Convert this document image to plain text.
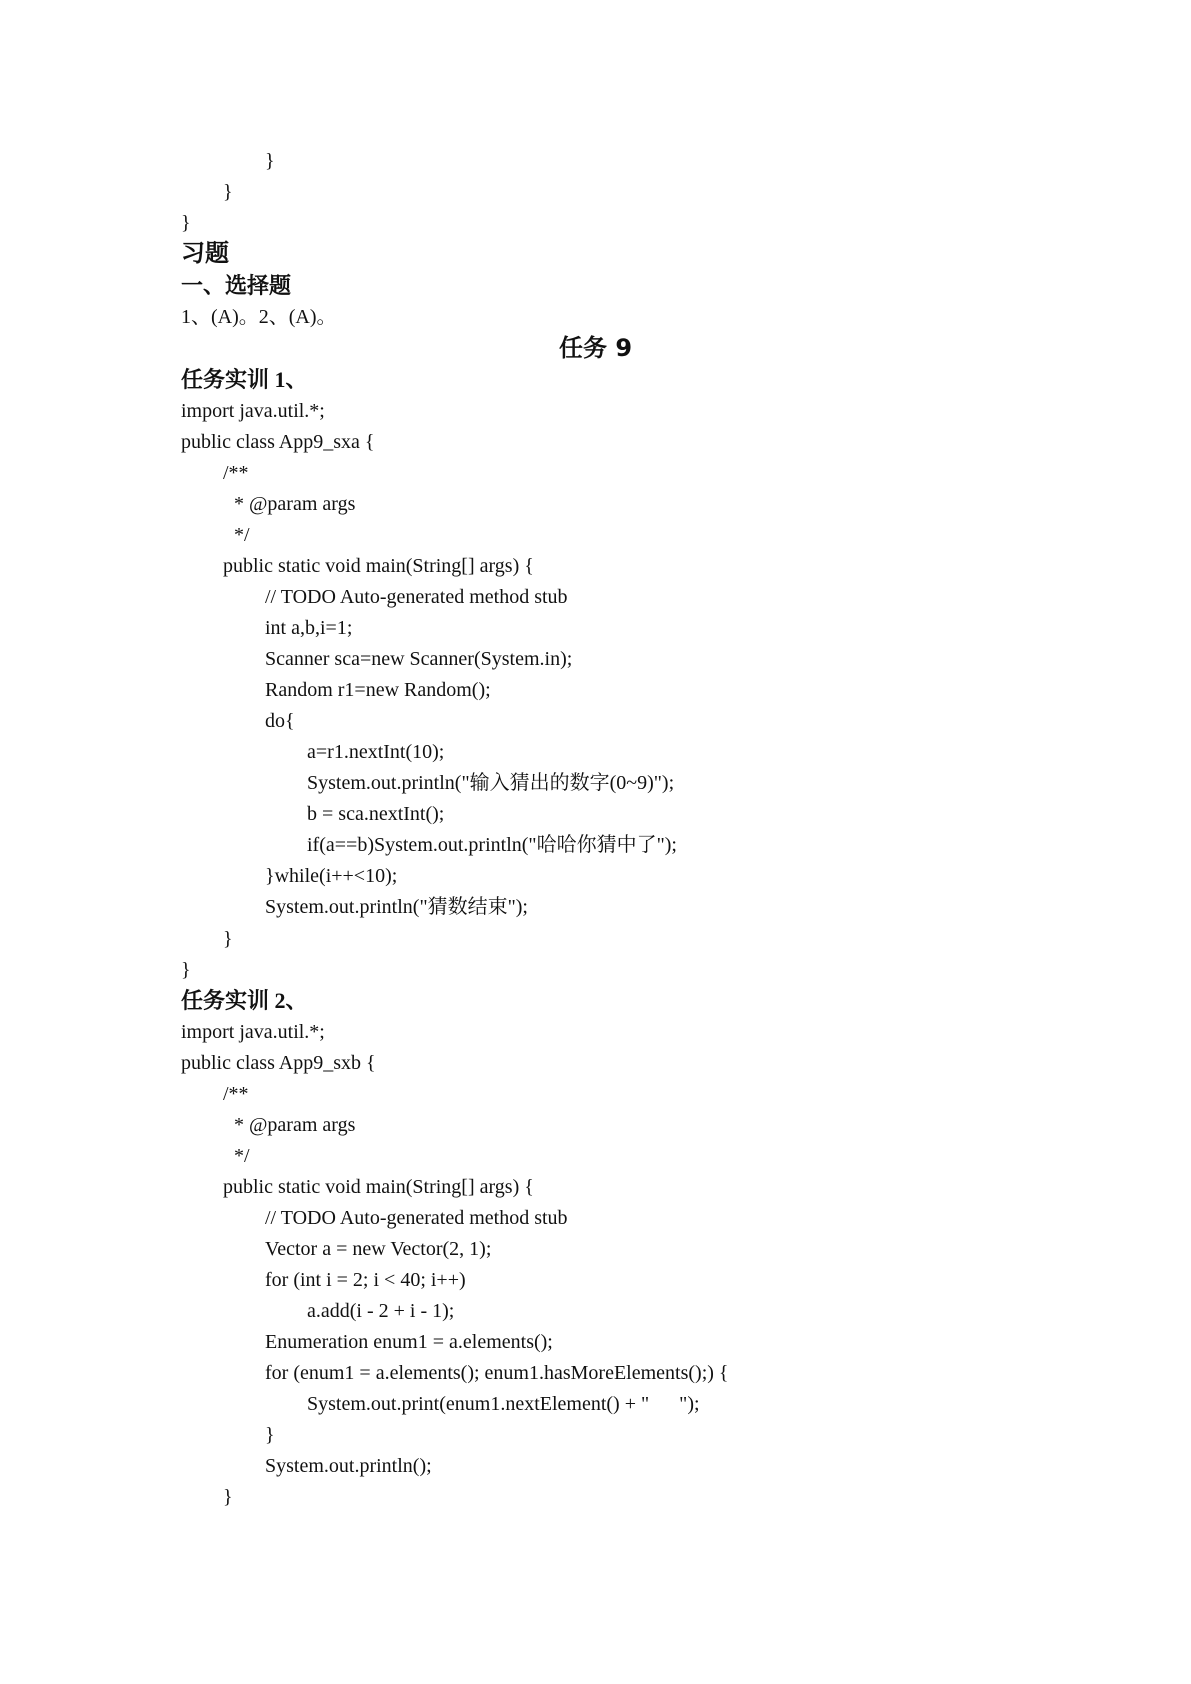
}
}
}
习题
一、选择题
1、(A)。2、(A)。
任务 9
任务实训 1、
import java.util.*;
public class App9_sxa {
/**
* @param args
*/
public static void main(String[] args) {
// TODO Auto-generated method stub
int a,b,i=1;
Scanner sca=new Scanner(System.in);
Random r1=new Random();
do{
a=r1.nextInt(10);
System.out.println("输入猜出的数字(0~9)");
b = sca.nextInt();
if(a==b)System.out.println("哈哈你猜中了");
}while(i++<10);
System.out.println("猜数结束");
}
}
任务实训 2、
import java.util.*;
public class App9_sxb {
/**
* @param args
*/
public static void main(String[] args) {
// TODO Auto-generated method stub
Vector a = new Vector(2, 1);
for (int i = 2; i < 40; i++)
a.add(i - 2 + i - 1);
Enumeration enum1 = a.elements();
for (enum1 = a.elements(); enum1.hasMoreElements();) {
System.out.print(enum1.nextElement() + "      ");
}
System.out.println();
}
